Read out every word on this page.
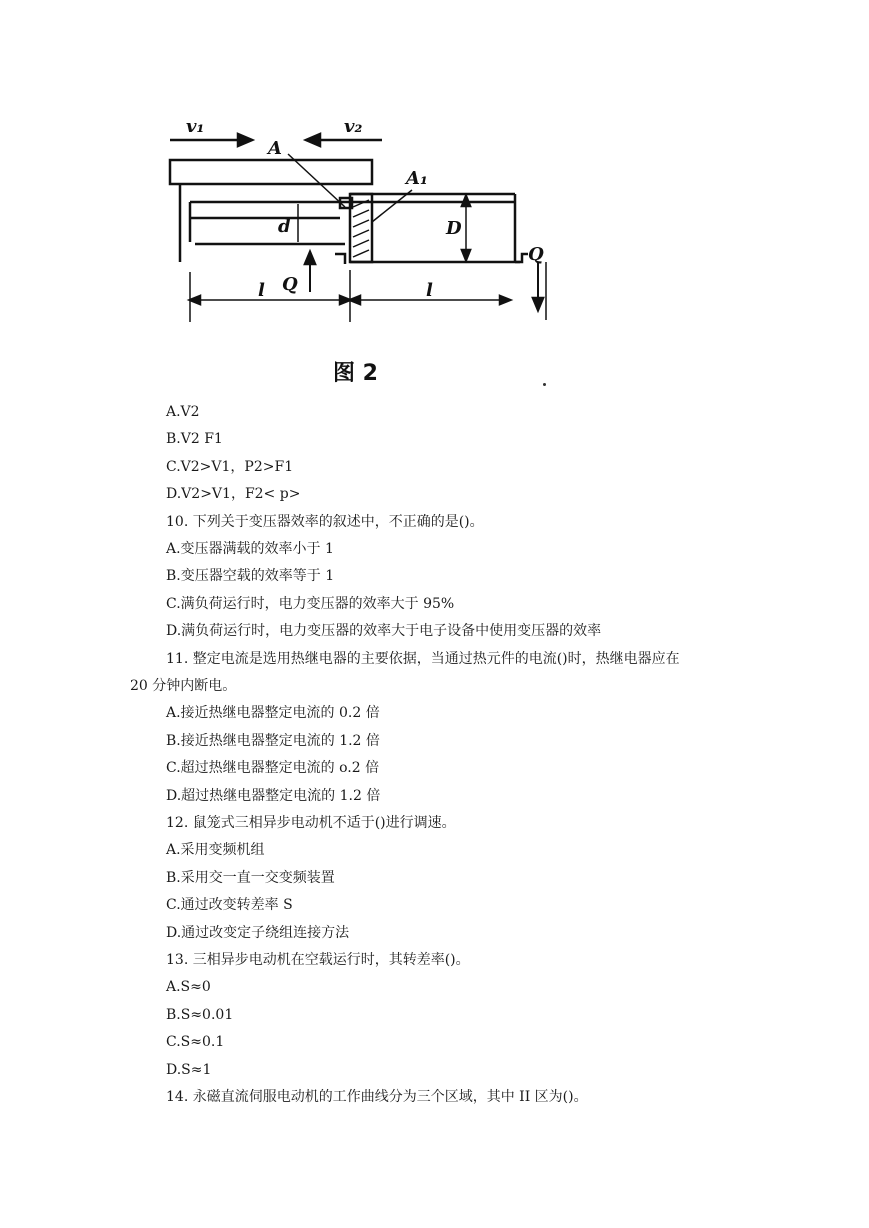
v₁	v₂
A
A₁
d	D
Q
Q
l	l
图 2
A.V2
B.V2 F1
C.V2>V1，P2>F1
D.V2>V1，F2< p>
10. 下列关于变压器效率的叙述中，不正确的是()。
A.变压器满载的效率小于 1
B.变压器空载的效率等于 1
C.满负荷运行时，电力变压器的效率大于 95%
D.满负荷运行时，电力变压器的效率大于电子设备中使用变压器的效率
11. 整定电流是选用热继电器的主要依据，当通过热元件的电流()时，热继电器应在
20 分钟内断电。
A.接近热继电器整定电流的 0.2 倍
B.接近热继电器整定电流的 1.2 倍
C.超过热继电器整定电流的 o.2 倍
D.超过热继电器整定电流的 1.2 倍
12. 鼠笼式三相异步电动机不适于()进行调速。
A.采用变频机组
B.采用交一直一交变频装置
C.通过改变转差率 S
D.通过改变定子绕组连接方法
13. 三相异步电动机在空载运行时，其转差率()。
A.S≈0
B.S≈0.01
C.S≈0.1
D.S≈1
14. 永磁直流伺服电动机的工作曲线分为三个区域，其中 II 区为()。
